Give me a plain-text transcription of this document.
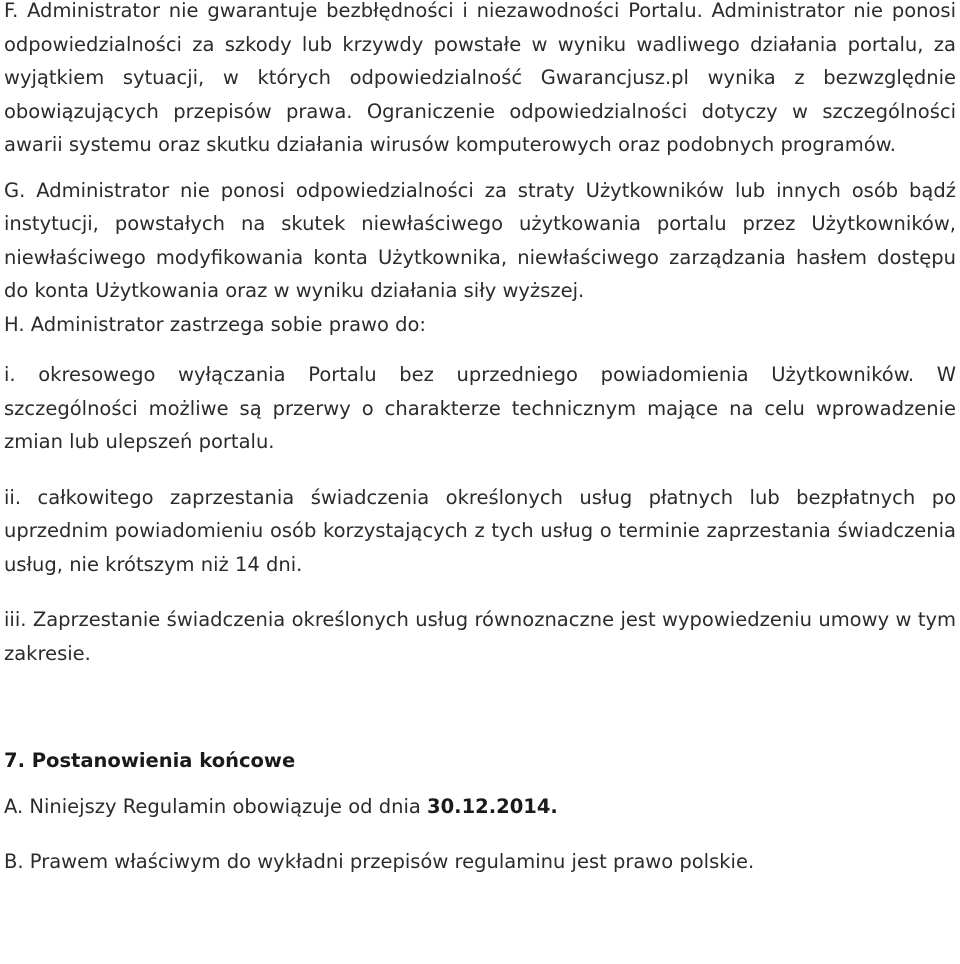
F. Administrator nie gwarantuje bezbłędności i niezawodności Portalu. Administrator nie ponosi odpowiedzialności za szkody lub krzywdy powstałe w wyniku wadliwego działania portalu, za wyjątkiem sytuacji, w których odpowiedzialność Gwarancjusz.pl wynika z bezwzględnie obowiązujących przepisów prawa. Ograniczenie odpowiedzialności dotyczy w szczególności awarii systemu oraz skutku działania wirusów komputerowych oraz podobnych programów.

G. Administrator nie ponosi odpowiedzialności za straty Użytkowników lub innych osób bądź instytucji, powstałych na skutek niewłaściwego użytkowania portalu przez Użytkowników, niewłaściwego modyfikowania konta Użytkownika, niewłaściwego zarządzania hasłem dostępu do konta Użytkowania oraz w wyniku działania siły wyższej.

H. Administrator zastrzega sobie prawo do:

i. okresowego wyłączania Portalu bez uprzedniego powiadomienia Użytkowników. W szczególności możliwe są przerwy o charakterze technicznym mające na celu wprowadzenie zmian lub ulepszeń portalu.

ii. całkowitego zaprzestania świadczenia określonych usług płatnych lub bezpłatnych po uprzednim powiadomieniu osób korzystających z tych usług o terminie zaprzestania świadczenia usług, nie krótszym niż 14 dni.

iii. Zaprzestanie świadczenia określonych usług równoznaczne jest wypowiedzeniu umowy w tym zakresie.

7. Postanowienia końcowe

A. Niniejszy Regulamin obowiązuje od dnia 30.12.2014.

B. Prawem właściwym do wykładni przepisów regulaminu jest prawo polskie.
